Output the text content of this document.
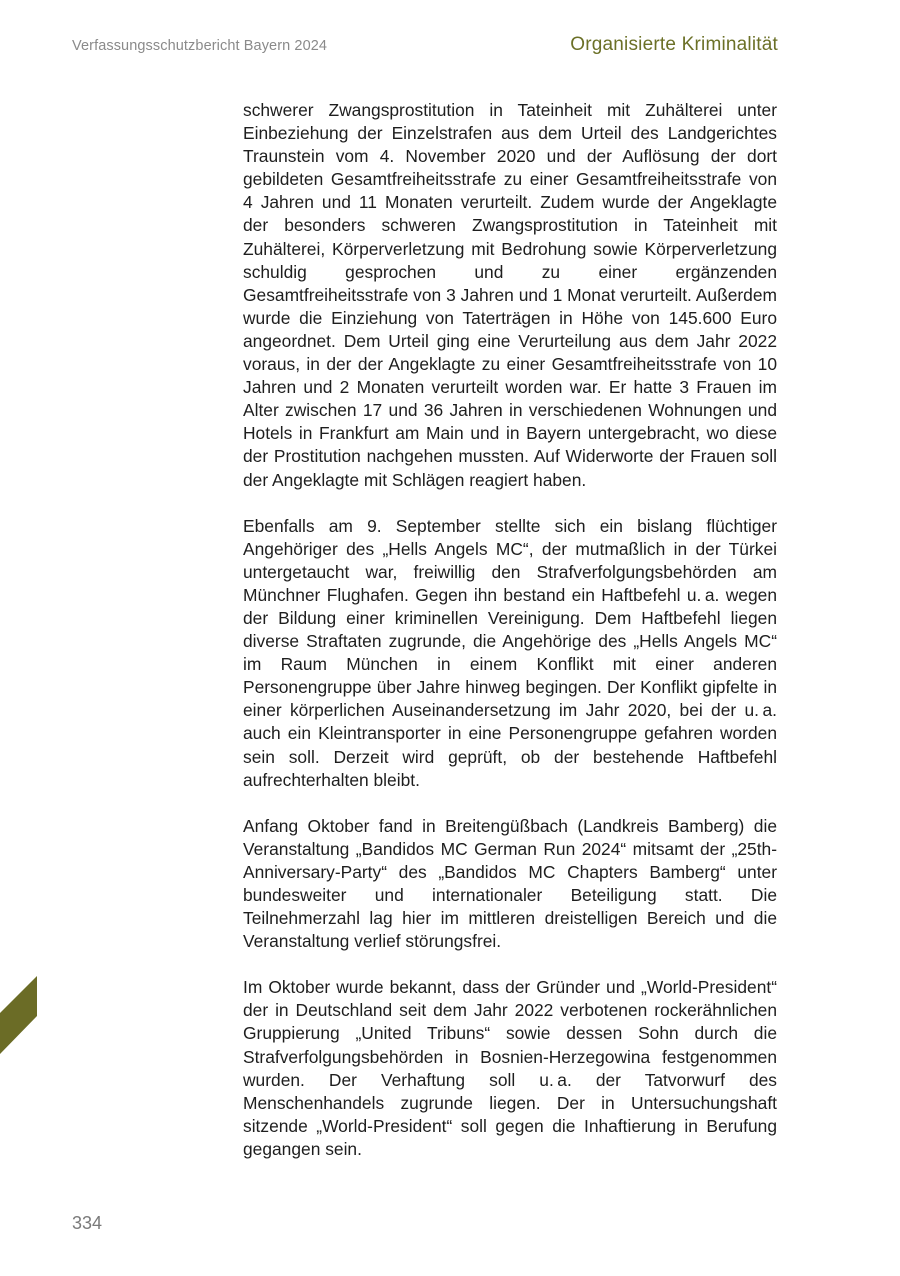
Verfassungsschutzbericht Bayern 2024	Organisierte Kriminalität

schwerer Zwangsprostitution in Tateinheit mit Zuhälterei unter Einbeziehung der Einzelstrafen aus dem Urteil des Landgerichtes Traunstein vom 4. November 2020 und der Auflösung der dort gebildeten Gesamtfreiheitsstrafe zu einer Gesamtfreiheitsstrafe von 4 Jahren und 11 Monaten verurteilt. Zudem wurde der Angeklagte der besonders schweren Zwangsprostitution in Tateinheit mit Zuhälterei, Körperverletzung mit Bedrohung sowie Körperverletzung schuldig gesprochen und zu einer ergänzenden Gesamtfreiheitsstrafe von 3 Jahren und 1 Monat verurteilt. Außerdem wurde die Einziehung von Taterträgen in Höhe von 145.600 Euro angeordnet. Dem Urteil ging eine Verurteilung aus dem Jahr 2022 voraus, in der der Angeklagte zu einer Gesamtfreiheitsstrafe von 10 Jahren und 2 Monaten verurteilt worden war. Er hatte 3 Frauen im Alter zwischen 17 und 36 Jahren in verschiedenen Wohnungen und Hotels in Frankfurt am Main und in Bayern untergebracht, wo diese der Prostitution nachgehen mussten. Auf Widerworte der Frauen soll der Angeklagte mit Schlägen reagiert haben.

Ebenfalls am 9. September stellte sich ein bislang flüchtiger Angehöriger des „Hells Angels MC“, der mutmaßlich in der Türkei untergetaucht war, freiwillig den Strafverfolgungsbehörden am Münchner Flughafen. Gegen ihn bestand ein Haftbefehl u. a. wegen der Bildung einer kriminellen Vereinigung. Dem Haftbefehl liegen diverse Straftaten zugrunde, die Angehörige des „Hells Angels MC“ im Raum München in einem Konflikt mit einer anderen Personengruppe über Jahre hinweg begingen. Der Konflikt gipfelte in einer körperlichen Auseinandersetzung im Jahr 2020, bei der u. a. auch ein Kleintransporter in eine Personengruppe gefahren worden sein soll. Derzeit wird geprüft, ob der bestehende Haftbefehl aufrechterhalten bleibt.

Anfang Oktober fand in Breitengüßbach (Landkreis Bamberg) die Veranstaltung „Bandidos MC German Run 2024“ mitsamt der „25th-Anniversary-Party“ des „Bandidos MC Chapters Bamberg“ unter bundesweiter und internationaler Beteiligung statt. Die Teilnehmerzahl lag hier im mittleren dreistelligen Bereich und die Veranstaltung verlief störungsfrei.

Im Oktober wurde bekannt, dass der Gründer und „World-President“ der in Deutschland seit dem Jahr 2022 verbotenen rockerähnlichen Gruppierung „United Tribuns“ sowie dessen Sohn durch die Strafverfolgungsbehörden in Bosnien-Herzegowina festgenommen wurden. Der Verhaftung soll u. a. der Tatvorwurf des Menschenhandels zugrunde liegen. Der in Untersuchungshaft sitzende „World-President“ soll gegen die Inhaftierung in Berufung gegangen sein.

334
